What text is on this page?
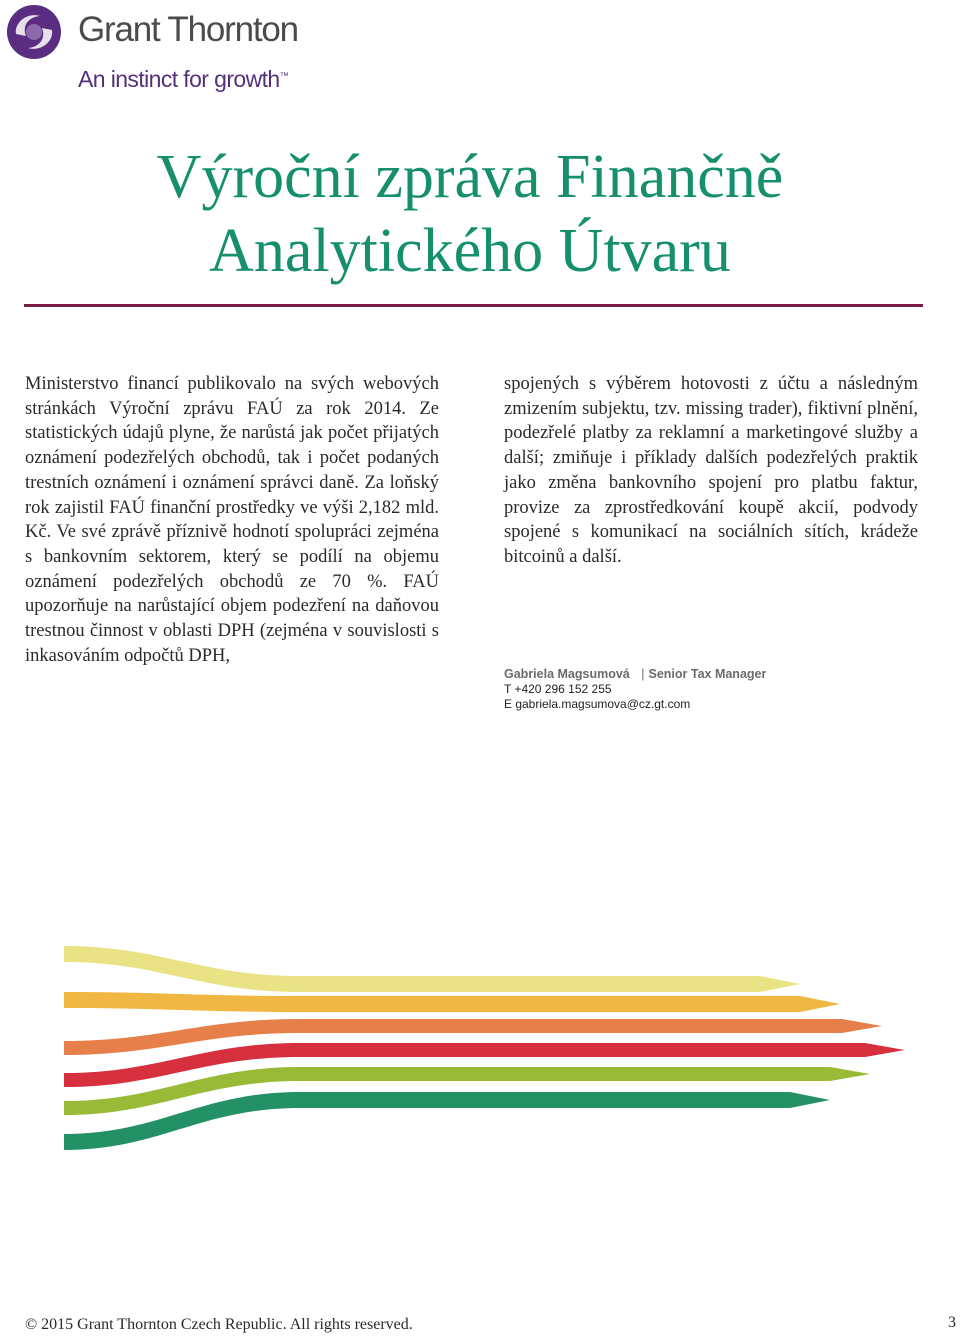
Grant Thornton
An instinct for growth™
Výroční zpráva Finančně
Analytického Útvaru

Ministerstvo financí publikovalo na svých webových stránkách Výroční zprávu FAÚ za rok 2014. Ze statistických údajů plyne, že narůstá jak počet přijatých oznámení podezřelých obchodů, tak i počet podaných trestních oznámení i oznámení správci daně. Za loňský rok zajistil FAÚ finanční prostředky ve výši 2,182 mld. Kč. Ve své zprávě příznivě hodnotí spolupráci zejména s bankovním sektorem, který se podílí na objemu oznámení podezřelých obchodů ze 70 %. FAÚ upozorňuje na narůstající objem podezření na daňovou trestnou činnost v oblasti DPH (zejména v souvislosti s inkasováním odpočtů DPH,

spojených s výběrem hotovosti z účtu a následným zmizením subjektu, tzv. missing trader), fiktivní plnění, podezřelé platby za reklamní a marketingové služby a další; zmiňuje i příklady dalších podezřelých praktik jako změna bankovního spojení pro platbu faktur, provize za zprostředkování koupě akcií, podvody spojené s komunikací na sociálních sítích, krádeže bitcoinů a další.

Gabriela Magsumová | Senior Tax Manager
T +420 296 152 255
E gabriela.magsumova@cz.gt.com
© 2015 Grant Thornton Czech Republic. All rights reserved.	3
